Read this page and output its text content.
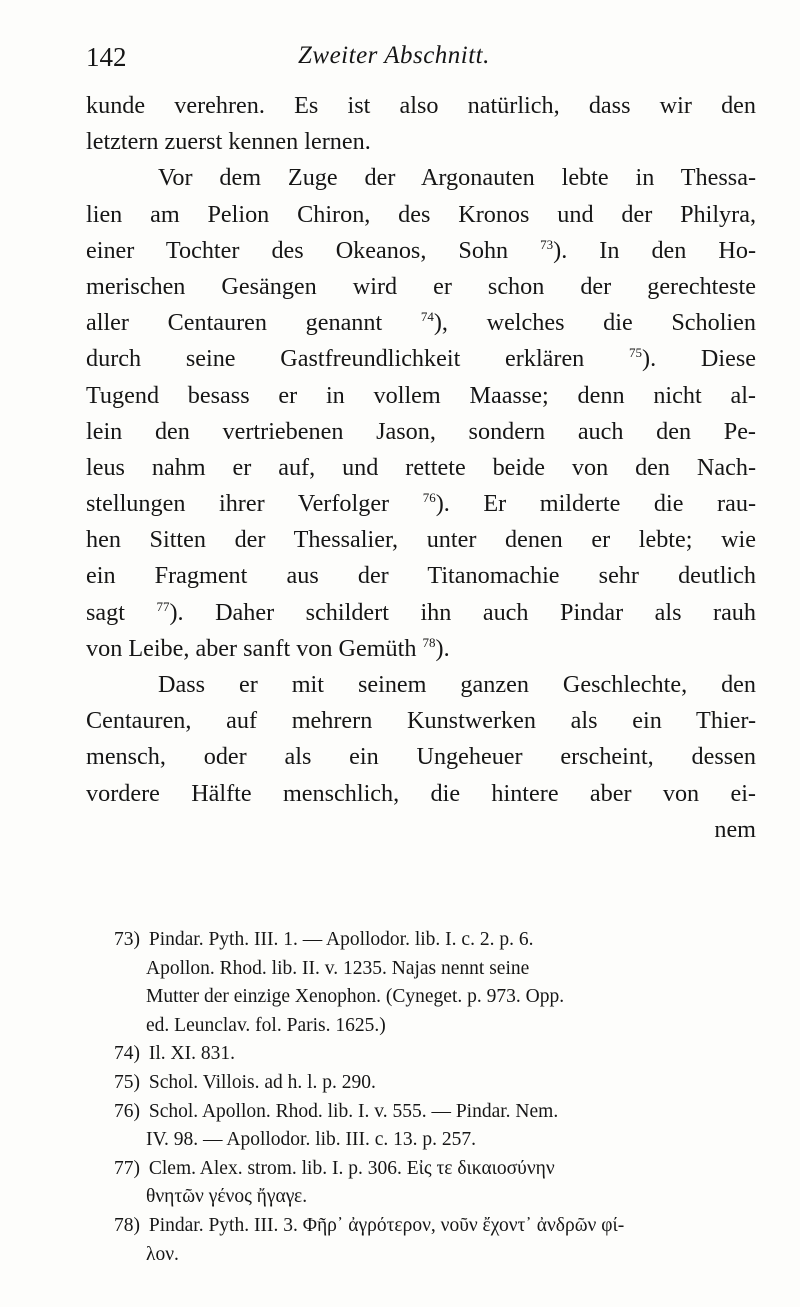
142	Zweiter Abschnitt.
kunde verehren. Es ist also natürlich, dass wir den
letztern zuerst kennen lernen.
Vor dem Zuge der Argonauten lebte in Thessa-
lien am Pelion Chiron, des Kronos und der Philyra,
einer Tochter des Okeanos, Sohn $^{73}$). In den Ho-
merischen Gesängen wird er schon der gerechteste
aller Centauren genannt $^{74}$), welches die Scholien
durch seine Gastfreundlichkeit erklären $^{75}$). Diese
Tugend besass er in vollem Maasse; denn nicht al-
lein den vertriebenen Jason, sondern auch den Pe-
leus nahm er auf, und rettete beide von den Nach-
stellungen ihrer Verfolger $^{76}$). Er milderte die rau-
hen Sitten der Thessalier, unter denen er lebte; wie
ein Fragment aus der Titanomachie sehr deutlich
sagt $^{77}$). Daher schildert ihn auch Pindar als rauh
von Leibe, aber sanft von Gemüth $^{78}$).
Dass er mit seinem ganzen Geschlechte, den
Centauren, auf mehrern Kunstwerken als ein Thier-
mensch, oder als ein Ungeheuer erscheint, dessen
vordere Hälfte menschlich, die hintere aber von ei-
nem
73) Pindar. Pyth. III. 1. — Apollodor. lib. I. c. 2. p. 6.
Apollon. Rhod. lib. II. v. 1235. Najas nennt seine
Mutter der einzige Xenophon. (Cyneget. p. 973. Opp.
ed. Leunclav. fol. Paris. 1625.)
74) Il. XI. 831.
75) Schol. Villois. ad h. l. p. 290.
76) Schol. Apollon. Rhod. lib. I. v. 555. — Pindar. Nem.
IV. 98. — Apollodor. lib. III. c. 13. p. 257.
77) Clem. Alex. strom. lib. I. p. 306. Εἰς τε δικαιοσύνην
θνητῶν γένος ἤγαγε.
78) Pindar. Pyth. III. 3. Φῆρ᾽ ἀγρότερον, νοῦν ἔχοντ᾽ ἀνδρῶν φί-
λον.
